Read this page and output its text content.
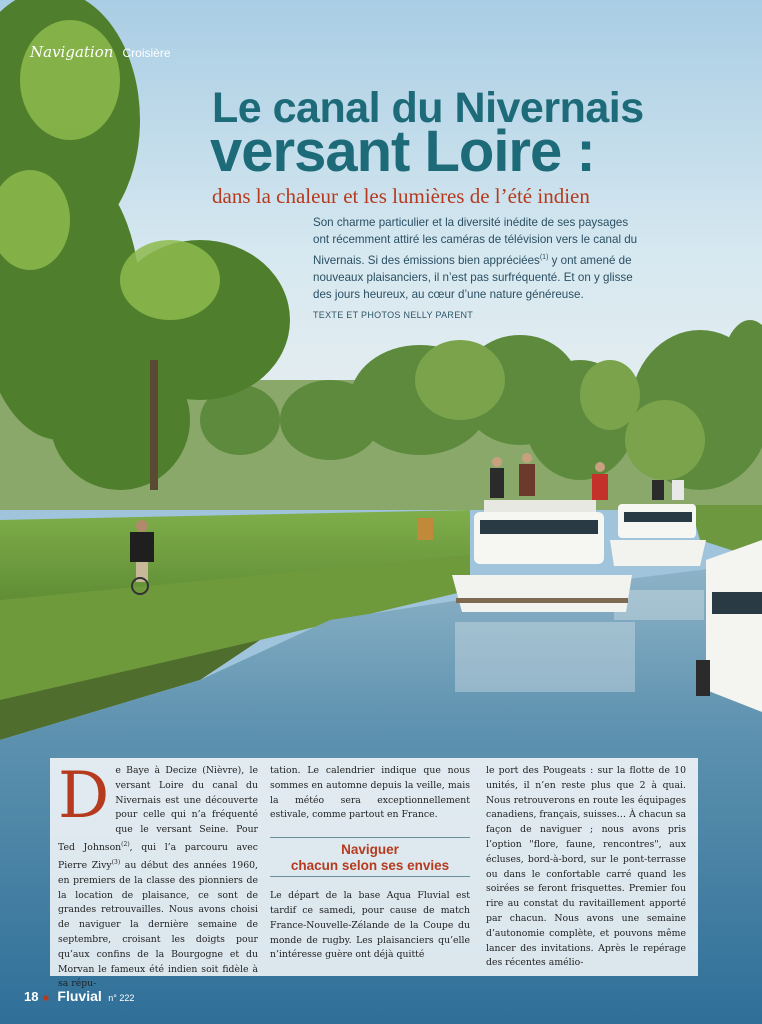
Navigation Croisière
Le canal du Nivernais
versant Loire :
dans la chaleur et les lumières de l’été indien
Son charme particulier et la diversité inédite de ses paysages ont récemment attiré les caméras de télévision vers le canal du Nivernais. Si des émissions bien appréciées$^{(1)}$ y ont amené de nouveaux plaisanciers, il n’est pas surfréquenté. Et on y glisse des jours heureux, au cœur d’une nature généreuse.
TEXTE ET PHOTOS NELLY PARENT
De Baye à Decize (Nièvre), le versant Loire du canal du Nivernais est une découverte pour celle qui n’a fréquenté que le versant Seine. Pour Ted Johnson$^{(2)}$, qui l’a parcouru avec Pierre Zivy$^{(3)}$ au début des années 1960, en premiers de la classe des pionniers de la location de plaisance, ce sont de grandes retrouvailles. Nous avons choisi de naviguer la dernière semaine de septembre, croisant les doigts pour qu’aux confins de la Bourgogne et du Morvan le fameux été indien soit fidèle à sa répu-
tation. Le calendrier indique que nous sommes en automne depuis la veille, mais la météo sera exceptionnellement estivale, comme partout en France.
Naviguer
chacun selon ses envies
Le départ de la base Aqua Fluvial est tardif ce samedi, pour cause de match France-Nouvelle-Zélande de la Coupe du monde de rugby. Les plaisanciers qu’elle n’intéresse guère ont déjà quitté
le port des Pougeats : sur la flotte de 10 unités, il n’en reste plus que 2 à quai. Nous retrouverons en route les équipages canadiens, français, suisses… À chacun sa façon de naviguer ; nous avons pris l’option "flore, faune, rencontres", aux écluses, bord-à-bord, sur le pont-terrasse ou dans le confortable carré quand les soirées se feront frisquettes. Premier fou rire au constat du ravitaillement apporté par chacun. Nous avons une semaine d’autonomie complète, et pouvons même lancer des invitations. Après le repérage des récentes amélio-
18 ■ Fluvial n° 222
